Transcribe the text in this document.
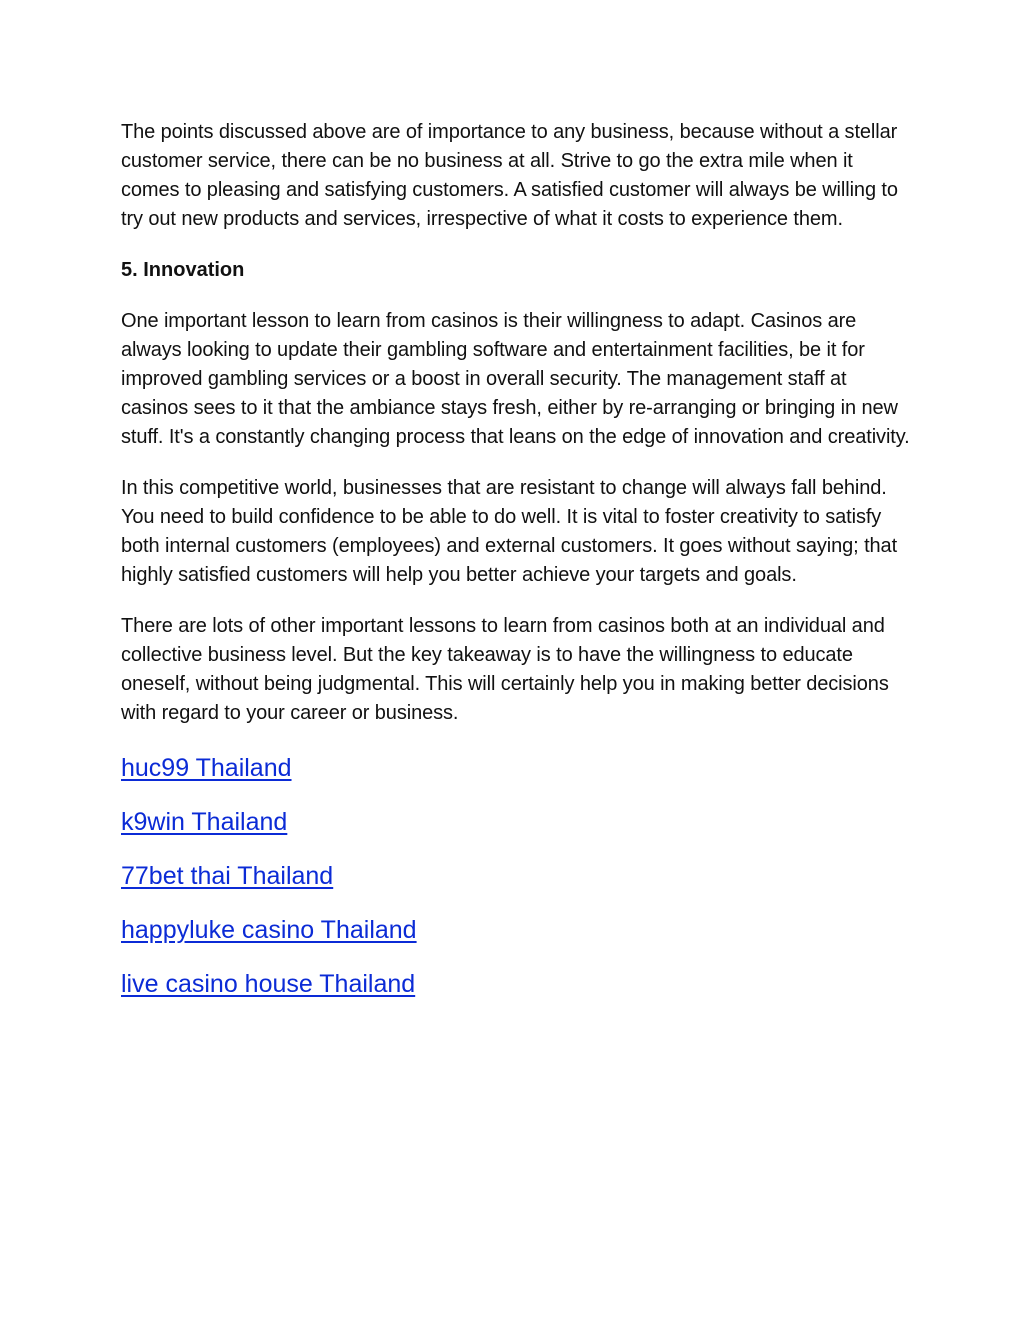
The points discussed above are of importance to any business, because without a stellar customer service, there can be no business at all. Strive to go the extra mile when it comes to pleasing and satisfying customers. A satisfied customer will always be willing to try out new products and services, irrespective of what it costs to experience them.

5. Innovation

One important lesson to learn from casinos is their willingness to adapt. Casinos are always looking to update their gambling software and entertainment facilities, be it for improved gambling services or a boost in overall security. The management staff at casinos sees to it that the ambiance stays fresh, either by re-arranging or bringing in new stuff. It's a constantly changing process that leans on the edge of innovation and creativity.

In this competitive world, businesses that are resistant to change will always fall behind. You need to build confidence to be able to do well. It is vital to foster creativity to satisfy both internal customers (employees) and external customers. It goes without saying; that highly satisfied customers will help you better achieve your targets and goals.

There are lots of other important lessons to learn from casinos both at an individual and collective business level. But the key takeaway is to have the willingness to educate oneself, without being judgmental. This will certainly help you in making better decisions with regard to your career or business.

huc99 Thailand
k9win Thailand
77bet thai Thailand
happyluke casino Thailand
live casino house Thailand
